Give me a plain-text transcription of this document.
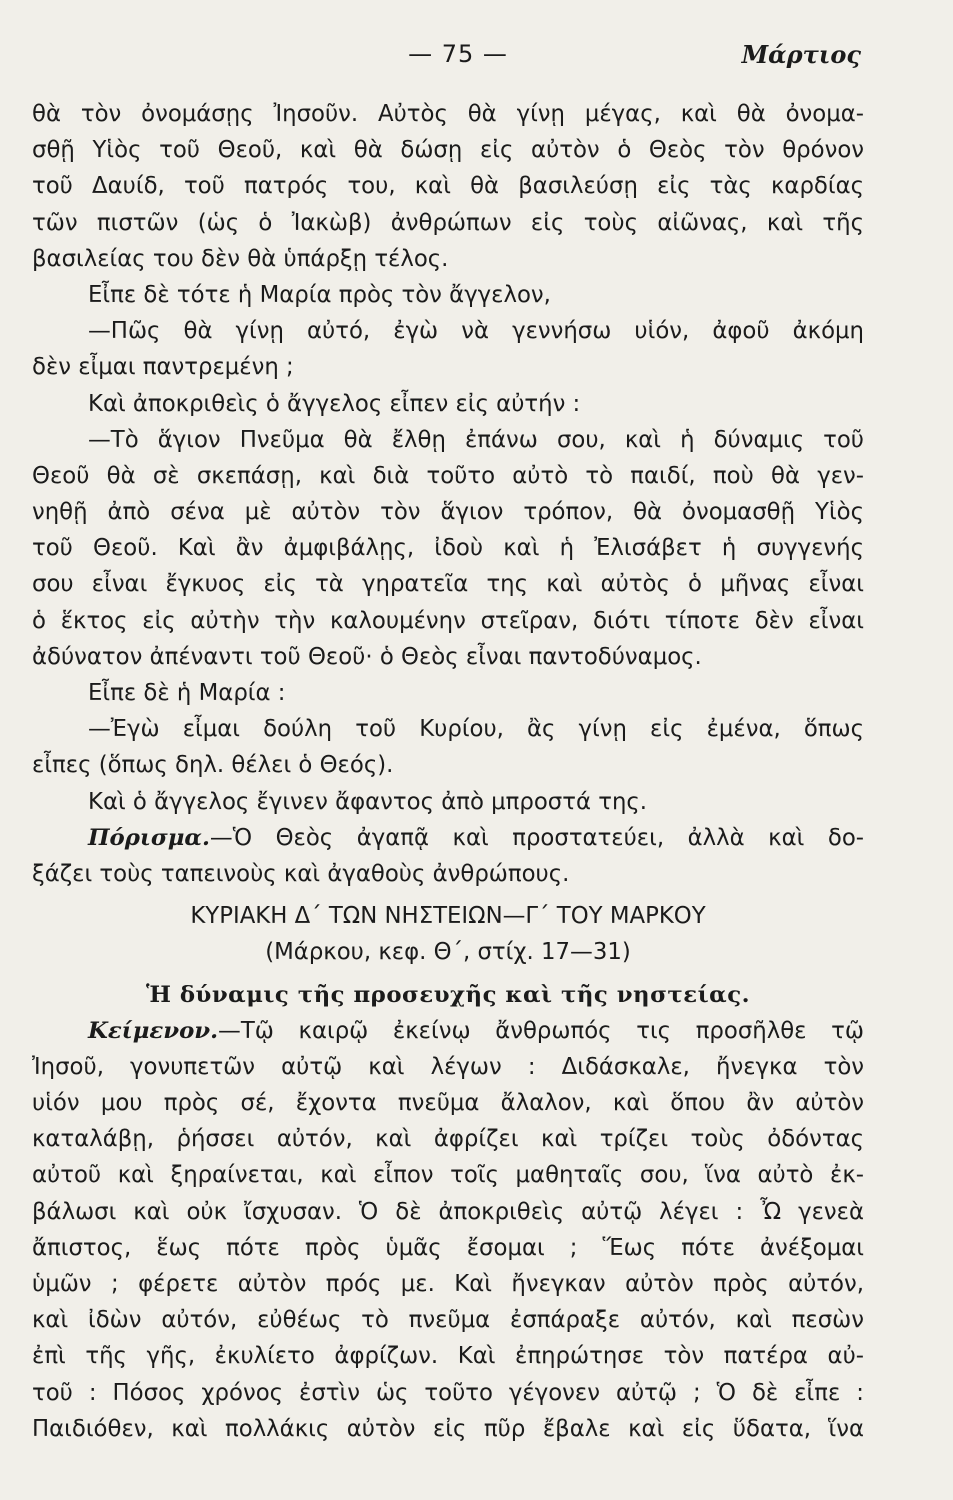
— 75 —	Μάρτιος
θὰ τὸν ὀνομάσῃς Ἰησοῦν. Αὐτὸς θὰ γίνῃ μέγας, καὶ θὰ ὀνομα-
σθῇ Υἱὸς τοῦ Θεοῦ, καὶ θὰ δώσῃ εἰς αὐτὸν ὁ Θεὸς τὸν θρόνον
τοῦ Δαυίδ, τοῦ πατρός του, καὶ θὰ βασιλεύσῃ εἰς τὰς καρδίας
τῶν πιστῶν (ὡς ὁ Ἰακὼβ) ἀνθρώπων εἰς τοὺς αἰῶνας, καὶ τῆς
βασιλείας του δὲν θὰ ὑπάρξῃ τέλος.
Εἶπε δὲ τότε ἡ Μαρία πρὸς τὸν ἄγγελον,
—Πῶς θὰ γίνῃ αὐτό, ἐγὼ νὰ γεννήσω υἱόν, ἀφοῦ ἀκόμη
δὲν εἶμαι παντρεμένη ;
Καὶ ἀποκριθεὶς ὁ ἄγγελος εἶπεν εἰς αὐτήν :
—Τὸ ἅγιον Πνεῦμα θὰ ἔλθῃ ἐπάνω σου, καὶ ἡ δύναμις τοῦ
Θεοῦ θὰ σὲ σκεπάσῃ, καὶ διὰ τοῦτο αὐτὸ τὸ παιδί, ποὺ θὰ γεν-
νηθῇ ἀπὸ σένα μὲ αὐτὸν τὸν ἅγιον τρόπον, θὰ ὀνομασθῇ Υἱὸς
τοῦ Θεοῦ. Καὶ ἂν ἀμφιβάλῃς, ἰδοὺ καὶ ἡ Ἐλισάβετ ἡ συγγενής
σου εἶναι ἔγκυος εἰς τὰ γηρατεῖα της καὶ αὐτὸς ὁ μῆνας εἶναι
ὁ ἕκτος εἰς αὐτὴν τὴν καλουμένην στεῖραν, διότι τίποτε δὲν εἶναι
ἀδύνατον ἀπέναντι τοῦ Θεοῦ· ὁ Θεὸς εἶναι παντοδύναμος.
Εἶπε δὲ ἡ Μαρία :
—Ἐγὼ εἶμαι δούλη τοῦ Κυρίου, ἂς γίνῃ εἰς ἐμένα, ὅπως
εἶπες (ὅπως δηλ. θέλει ὁ Θεός).
Καὶ ὁ ἄγγελος ἔγινεν ἄφαντος ἀπὸ μπροστά της.
Πόρισμα.—Ὁ Θεὸς ἀγαπᾷ καὶ προστατεύει, ἀλλὰ καὶ δο-
ξάζει τοὺς ταπεινοὺς καὶ ἀγαθοὺς ἀνθρώπους.
ΚΥΡΙΑΚΗ Δ΄ ΤΩΝ ΝΗΣΤΕΙΩΝ—Γ΄ ΤΟΥ ΜΑΡΚΟΥ
(Μάρκου, κεφ. Θ΄, στίχ. 17—31)
Ἡ δύναμις τῆς προσευχῆς καὶ τῆς νηστείας.
Κείμενον.—Τῷ καιρῷ ἐκείνῳ ἄνθρωπός τις προσῆλθε τῷ
Ἰησοῦ, γονυπετῶν αὐτῷ καὶ λέγων : Διδάσκαλε, ἤνεγκα τὸν
υἱόν μου πρὸς σέ, ἔχοντα πνεῦμα ἄλαλον, καὶ ὅπου ἂν αὐτὸν
καταλάβῃ, ῥήσσει αὐτόν, καὶ ἀφρίζει καὶ τρίζει τοὺς ὀδόντας
αὐτοῦ καὶ ξηραίνεται, καὶ εἶπον τοῖς μαθηταῖς σου, ἵνα αὐτὸ ἐκ-
βάλωσι καὶ οὐκ ἴσχυσαν. Ὁ δὲ ἀποκριθεὶς αὐτῷ λέγει : Ὦ γενεὰ
ἄπιστος, ἕως πότε πρὸς ὑμᾶς ἔσομαι ; Ἕως πότε ἀνέξομαι
ὑμῶν ; φέρετε αὐτὸν πρός με. Καὶ ἤνεγκαν αὐτὸν πρὸς αὐτόν,
καὶ ἰδὼν αὐτόν, εὐθέως τὸ πνεῦμα ἐσπάραξε αὐτόν, καὶ πεσὼν
ἐπὶ τῆς γῆς, ἐκυλίετο ἀφρίζων. Καὶ ἐπηρώτησε τὸν πατέρα αὐ-
τοῦ : Πόσος χρόνος ἐστὶν ὡς τοῦτο γέγονεν αὐτῷ ; Ὁ δὲ εἶπε :
Παιδιόθεν, καὶ πολλάκις αὐτὸν εἰς πῦρ ἔβαλε καὶ εἰς ὕδατα, ἵνα
